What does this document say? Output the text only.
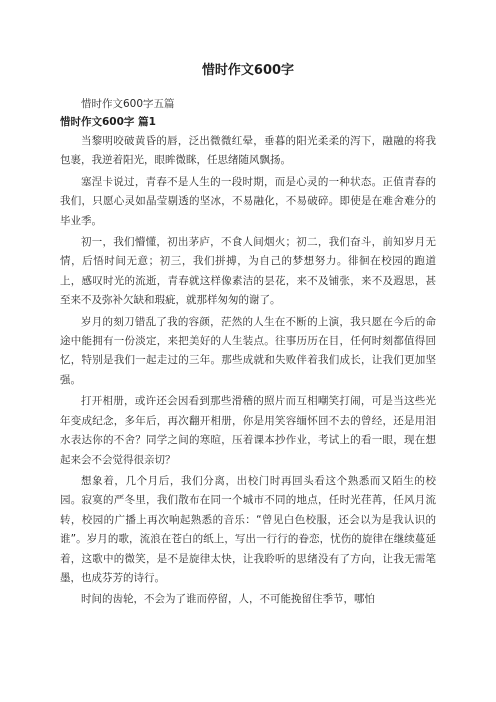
惜时作文600字
惜时作文600字五篇
惜时作文600字 篇1

当黎明咬破黄昏的唇，泛出微微红晕，垂暮的阳光柔柔的泻下，融融的将我包裹，我逆着阳光，眼眸微眯，任思绪随风飘扬。

塞涅卡说过，青春不是人生的一段时期，而是心灵的一种状态。正值青春的我们，只愿心灵如晶莹剔透的坚冰，不易融化，不易破碎。即使是在难舍难分的毕业季。

初一，我们懵懂，初出茅庐，不食人间烟火；初二，我们奋斗，前知岁月无情，后悟时间无意；初三，我们拼搏，为自己的梦想努力。徘徊在校园的跑道上，感叹时光的流逝，青春就这样像素洁的昙花，来不及铺张，来不及遐思，甚至来不及弥补欠缺和瑕疵，就那样匆匆的谢了。

岁月的刻刀错乱了我的容颜，茫然的人生在不断的上演，我只愿在今后的命途中能拥有一份淡定，来把美好的人生装点。往事历历在目，任何时刻都值得回忆，特别是我们一起走过的三年。那些成就和失败伴着我们成长，让我们更加坚强。

打开相册，或许还会因看到那些滑稽的照片而互相嘲笑打闹，可是当这些光年变成纪念，多年后，再次翻开相册，你是用笑容缅怀回不去的曾经，还是用泪水表达你的不舍？同学之间的寒暄，压着课本抄作业，考试上的看一眼，现在想起来会不会觉得很亲切？

想象着，几个月后，我们分离，出校门时再回头看这个熟悉而又陌生的校园。寂寞的严冬里，我们散布在同一个城市不同的地点，任时光荏苒，任风月流转，校园的广播上再次响起熟悉的音乐：“曾见白色校服，还会以为是我认识的谁”。岁月的歌，流浪在苍白的纸上，写出一行行的眷恋，忧伤的旋律在继续蔓延着，这歌中的微笑，是不是旋律太快，让我聆听的思绪没有了方向，让我无需笔墨，也成芬芳的诗行。

时间的齿轮，不会为了谁而停留，人，不可能挽留住季节，哪怕
